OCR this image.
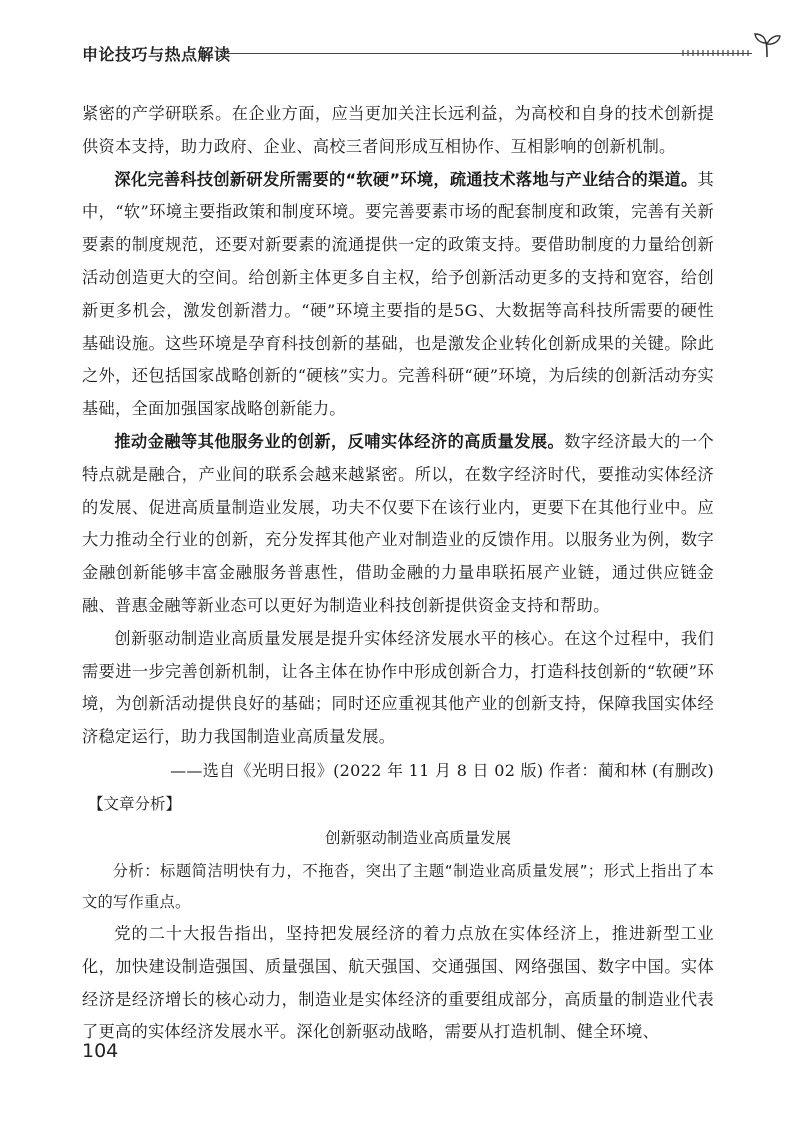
申论技巧与热点解读

紧密的产学研联系。在企业方面，应当更加关注长远利益，为高校和自身的技术创新提供资本支持，助力政府、企业、高校三者间形成互相协作、互相影响的创新机制。

深化完善科技创新研发所需要的“软硬”环境，疏通技术落地与产业结合的渠道。其中，“软”环境主要指政策和制度环境。要完善要素市场的配套制度和政策，完善有关新要素的制度规范，还要对新要素的流通提供一定的政策支持。要借助制度的力量给创新活动创造更大的空间。给创新主体更多自主权，给予创新活动更多的支持和宽容，给创新更多机会，激发创新潜力。“硬”环境主要指的是5G、大数据等高科技所需要的硬性基础设施。这些环境是孕育科技创新的基础，也是激发企业转化创新成果的关键。除此之外，还包括国家战略创新的“硬核”实力。完善科研“硬”环境，为后续的创新活动夯实基础，全面加强国家战略创新能力。

推动金融等其他服务业的创新，反哺实体经济的高质量发展。数字经济最大的一个特点就是融合，产业间的联系会越来越紧密。所以，在数字经济时代，要推动实体经济的发展、促进高质量制造业发展，功夫不仅要下在该行业内，更要下在其他行业中。应大力推动全行业的创新，充分发挥其他产业对制造业的反馈作用。以服务业为例，数字金融创新能够丰富金融服务普惠性，借助金融的力量串联拓展产业链，通过供应链金融、普惠金融等新业态可以更好为制造业科技创新提供资金支持和帮助。

创新驱动制造业高质量发展是提升实体经济发展水平的核心。在这个过程中，我们需要进一步完善创新机制，让各主体在协作中形成创新合力，打造科技创新的“软硬”环境，为创新活动提供良好的基础；同时还应重视其他产业的创新支持，保障我国实体经济稳定运行，助力我国制造业高质量发展。

——选自《光明日报》(2022 年 11 月 8 日 02 版) 作者：蔺和林 (有删改)

【文章分析】

创新驱动制造业高质量发展

分析：标题简洁明快有力，不拖沓，突出了主题“制造业高质量发展”；形式上指出了本文的写作重点。

党的二十大报告指出，坚持把发展经济的着力点放在实体经济上，推进新型工业化，加快建设制造强国、质量强国、航天强国、交通强国、网络强国、数字中国。实体经济是经济增长的核心动力，制造业是实体经济的重要组成部分，高质量的制造业代表了更高的实体经济发展水平。深化创新驱动战略，需要从打造机制、健全环境、

104
